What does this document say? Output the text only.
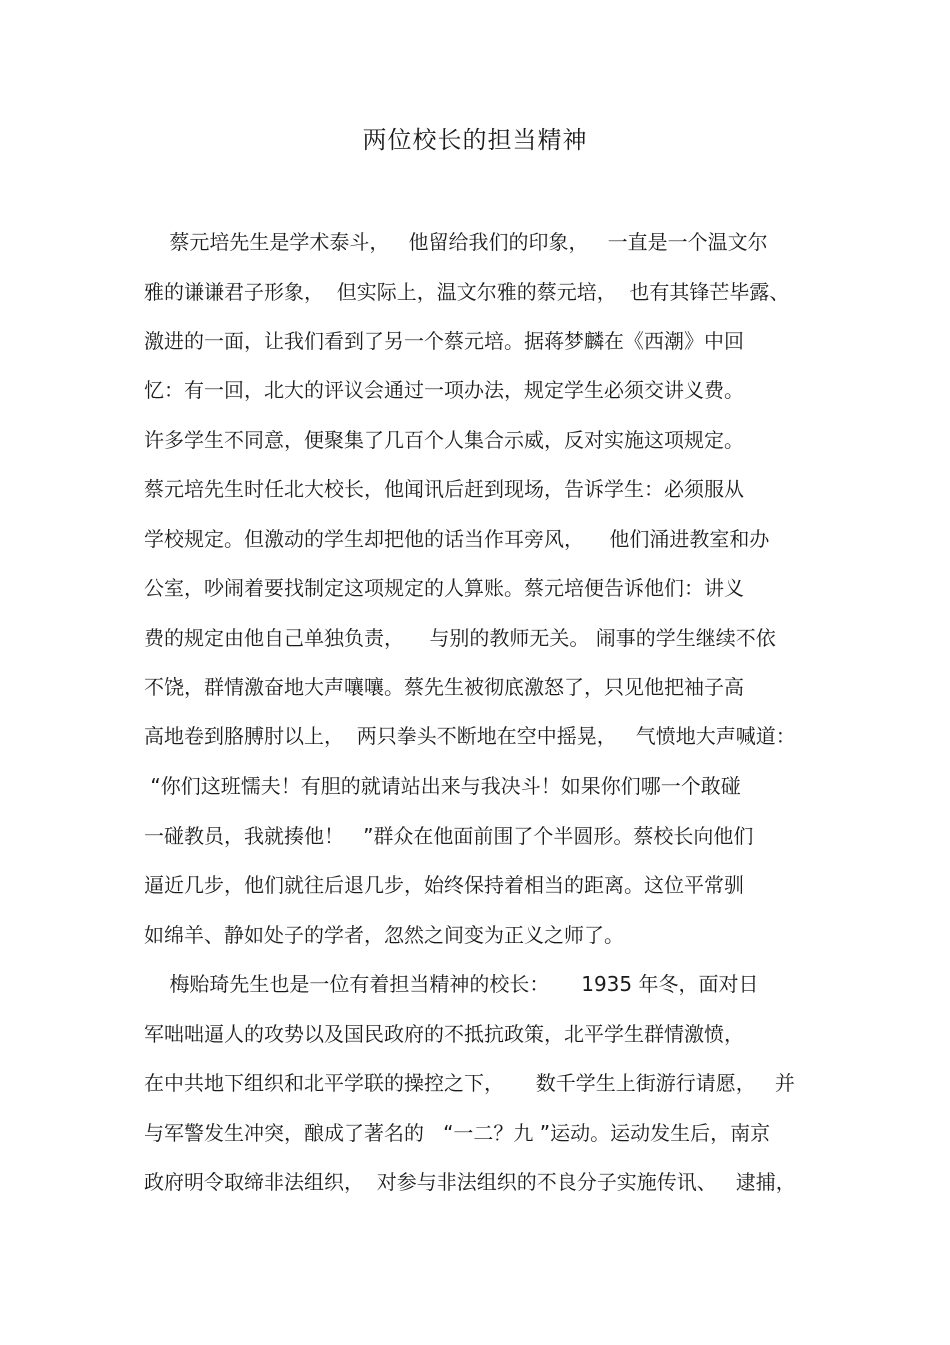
两位校长的担当精神

蔡元培先生是学术泰斗，   他留给我们的印象，   一直是一个温文尔

雅的谦谦君子形象，  但实际上，温文尔雅的蔡元培，  也有其锋芒毕露、

激进的一面，让我们看到了另一个蔡元培。据蒋梦麟在《西潮》中回

忆：有一回，北大的评议会通过一项办法，规定学生必须交讲义费。

许多学生不同意，便聚集了几百个人集合示威，反对实施这项规定。

蔡元培先生时任北大校长，他闻讯后赶到现场，告诉学生：必须服从

学校规定。但激动的学生却把他的话当作耳旁风，    他们涌进教室和办

公室，吵闹着要找制定这项规定的人算账。蔡元培便告诉他们：讲义

费的规定由他自己单独负责，    与别的教师无关。 闹事的学生继续不依

不饶，群情激奋地大声嚷嚷。蔡先生被彻底激怒了，只见他把袖子高

高地卷到胳膊肘以上，  两只拳头不断地在空中摇晃，   气愤地大声喊道：

“你们这班懦夫！有胆的就请站出来与我决斗！如果你们哪一个敢碰

一碰教员，我就揍他！   ”群众在他面前围了个半圆形。蔡校长向他们

逼近几步，他们就往后退几步，始终保持着相当的距离。这位平常驯

如绵羊、静如处子的学者，忽然之间变为正义之师了。

梅贻琦先生也是一位有着担当精神的校长：     1935 年冬，面对日

军咄咄逼人的攻势以及国民政府的不抵抗政策，北平学生群情激愤，

在中共地下组织和北平学联的操控之下，     数千学生上街游行请愿，   并

与军警发生冲突，酿成了著名的   “一二？九 ”运动。运动发生后，南京

政府明令取缔非法组织，  对参与非法组织的不良分子实施传讯、   逮捕，
